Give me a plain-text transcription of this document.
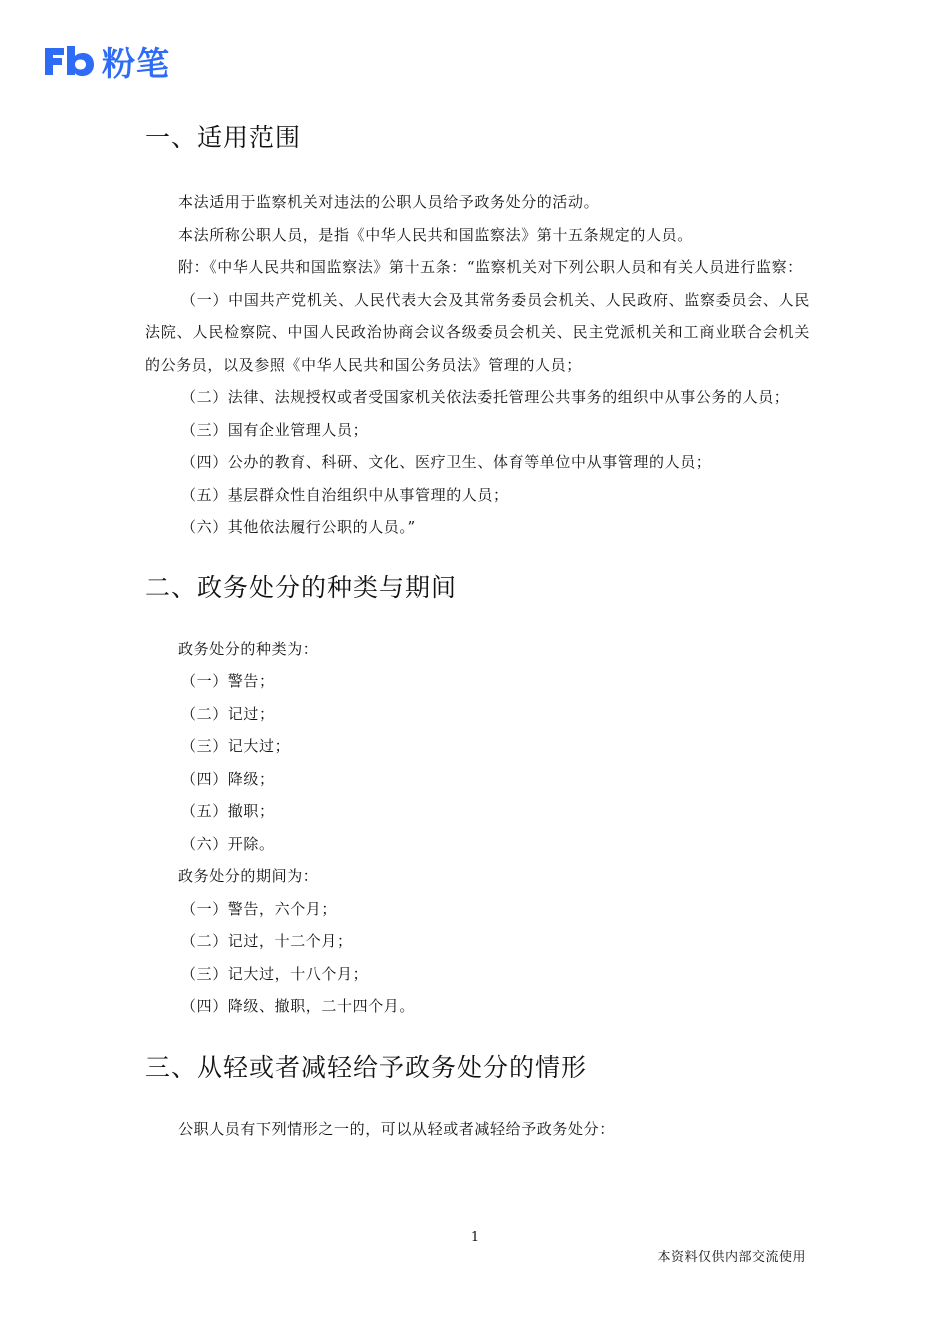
粉笔
一、适用范围

本法适用于监察机关对违法的公职人员给予政务处分的活动。

本法所称公职人员，是指《中华人民共和国监察法》第十五条规定的人员。

附：《中华人民共和国监察法》第十五条：“监察机关对下列公职人员和有关人员进行监察：

（一）中国共产党机关、人民代表大会及其常务委员会机关、人民政府、监察委员会、人民法院、人民检察院、中国人民政治协商会议各级委员会机关、民主党派机关和工商业联合会机关的公务员，以及参照《中华人民共和国公务员法》管理的人员；

（二）法律、法规授权或者受国家机关依法委托管理公共事务的组织中从事公务的人员；

（三）国有企业管理人员；

（四）公办的教育、科研、文化、医疗卫生、体育等单位中从事管理的人员；

（五）基层群众性自治组织中从事管理的人员；

（六）其他依法履行公职的人员。”

二、政务处分的种类与期间

政务处分的种类为：

（一）警告；

（二）记过；

（三）记大过；

（四）降级；

（五）撤职；

（六）开除。

政务处分的期间为：

（一）警告，六个月；

（二）记过，十二个月；

（三）记大过，十八个月；

（四）降级、撤职，二十四个月。

三、从轻或者减轻给予政务处分的情形

公职人员有下列情形之一的，可以从轻或者减轻给予政务处分：

1
本资料仅供内部交流使用
